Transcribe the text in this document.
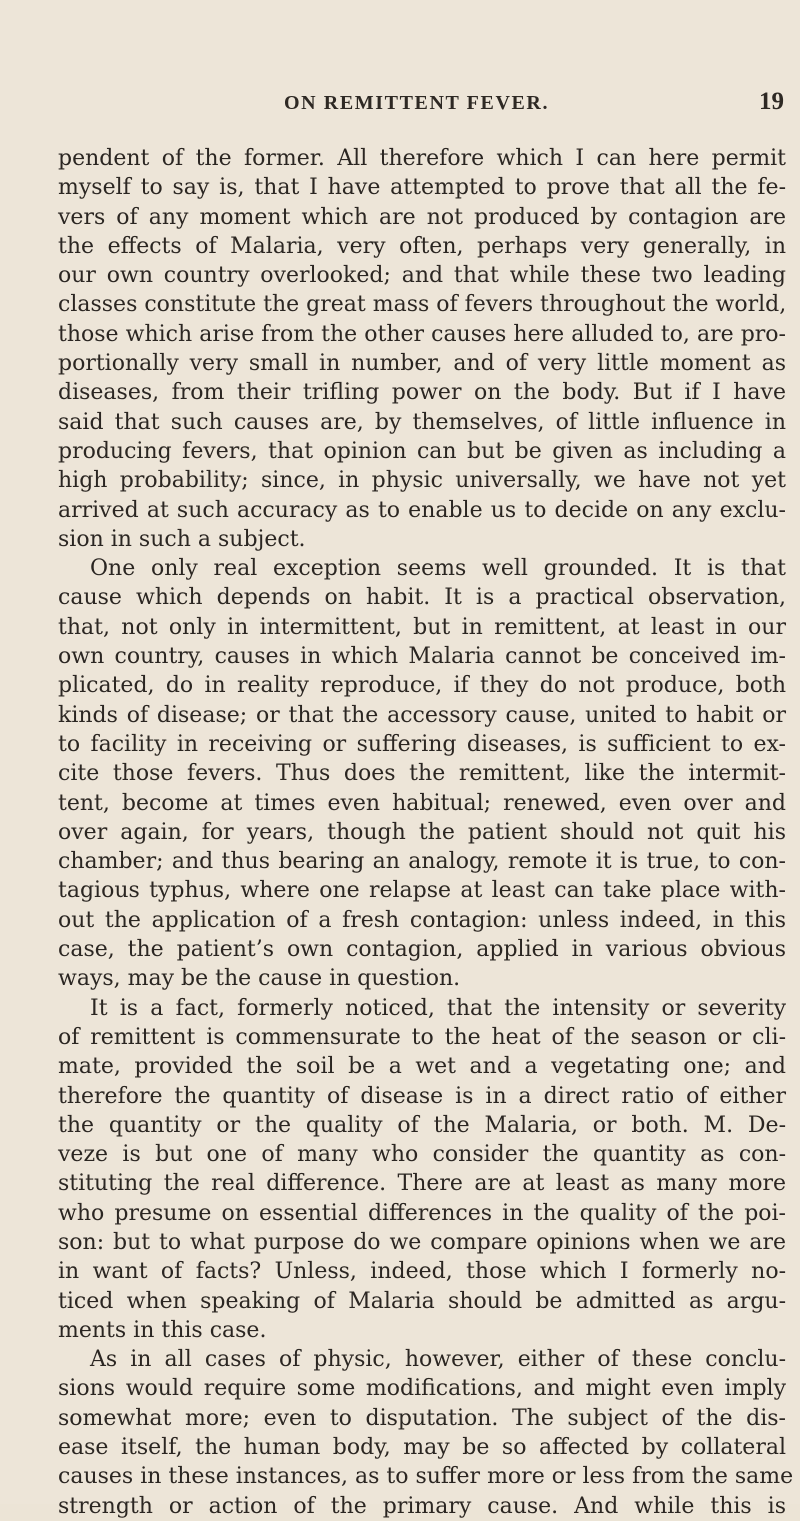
ON REMITTENT FEVER.	19
pendent of the former. All therefore which I can here permit
myself to say is, that I have attempted to prove that all the fe-
vers of any moment which are not produced by contagion are
the effects of Malaria, very often, perhaps very generally, in
our own country overlooked; and that while these two leading
classes constitute the great mass of fevers throughout the world,
those which arise from the other causes here alluded to, are pro-
portionally very small in number, and of very little moment as
diseases, from their trifling power on the body. But if I have
said that such causes are, by themselves, of little influence in
producing fevers, that opinion can but be given as including a
high probability; since, in physic universally, we have not yet
arrived at such accuracy as to enable us to decide on any exclu-
sion in such a subject.
One only real exception seems well grounded. It is that
cause which depends on habit. It is a practical observation,
that, not only in intermittent, but in remittent, at least in our
own country, causes in which Malaria cannot be conceived im-
plicated, do in reality reproduce, if they do not produce, both
kinds of disease; or that the accessory cause, united to habit or
to facility in receiving or suffering diseases, is sufficient to ex-
cite those fevers. Thus does the remittent, like the intermit-
tent, become at times even habitual; renewed, even over and
over again, for years, though the patient should not quit his
chamber; and thus bearing an analogy, remote it is true, to con-
tagious typhus, where one relapse at least can take place with-
out the application of a fresh contagion: unless indeed, in this
case, the patient’s own contagion, applied in various obvious
ways, may be the cause in question.
It is a fact, formerly noticed, that the intensity or severity
of remittent is commensurate to the heat of the season or cli-
mate, provided the soil be a wet and a vegetating one; and
therefore the quantity of disease is in a direct ratio of either
the quantity or the quality of the Malaria, or both. M. De-
veze is but one of many who consider the quantity as con-
stituting the real difference. There are at least as many more
who presume on essential differences in the quality of the poi-
son: but to what purpose do we compare opinions when we are
in want of facts? Unless, indeed, those which I formerly no-
ticed when speaking of Malaria should be admitted as argu-
ments in this case.
As in all cases of physic, however, either of these conclu-
sions would require some modifications, and might even imply
somewhat more; even to disputation. The subject of the dis-
ease itself, the human body, may be so affected by collateral
causes in these instances, as to suffer more or less from the same
strength or action of the primary cause. And while this is
